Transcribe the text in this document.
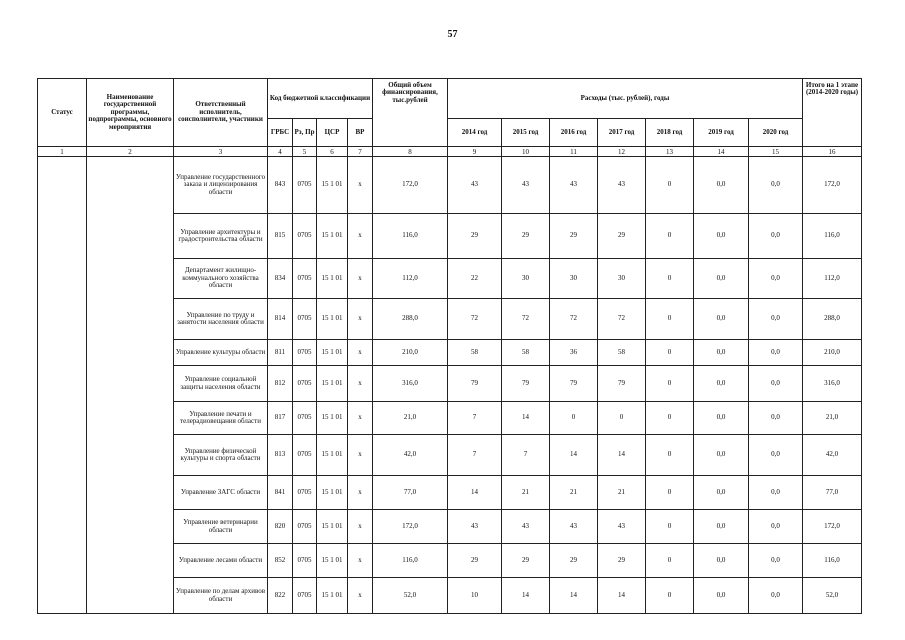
57
Статус	Наименование государственной программы, подпрограммы, основного мероприятия	Ответственный исполнитель, соисполнители, участники	Код бюджетной классификации				Общий объем финансирования, тыс.рублей	Расходы (тыс. рублей), годы							Итого на 1 этапе (2014-2020 годы)
			ГРБС	Рз, Пр	ЦСР	ВР		2014 год	2015 год	2016 год	2017 год	2018 год	2019 год	2020 год	
1	2	3	4	5	6	7	8	9	10	11	12	13	14	15	16
		Управление государственного заказа и лицензирования области	843	0705	15 1 01	х	172,0	43	43	43	43	0	0,0	0,0	172,0
		Управление архитектуры и градостроительства области	815	0705	15 1 01	х	116,0	29	29	29	29	0	0,0	0,0	116,0
		Департамент жилищно-коммунального хозяйства области	834	0705	15 1 01	х	112,0	22	30	30	30	0	0,0	0,0	112,0
		Управление по труду и занятости населения области	814	0705	15 1 01	х	288,0	72	72	72	72	0	0,0	0,0	288,0
		Управление культуры области	811	0705	15 1 01	х	210,0	58	58	36	58	0	0,0	0,0	210,0
		Управление социальной защиты населения области	812	0705	15 1 01	х	316,0	79	79	79	79	0	0,0	0,0	316,0
		Управление печати и телерадиовещания области	817	0705	15 1 01	х	21,0	7	14	0	0	0	0,0	0,0	21,0
		Управление физической культуры и спорта области	813	0705	15 1 01	х	42,0	7	7	14	14	0	0,0	0,0	42,0
		Управление ЗАГС области	841	0705	15 1 01	х	77,0	14	21	21	21	0	0,0	0,0	77,0
		Управление ветеринарии области	820	0705	15 1 01	х	172,0	43	43	43	43	0	0,0	0,0	172,0
		Управление лесами области	852	0705	15 1 01	х	116,0	29	29	29	29	0	0,0	0,0	116,0
		Управление по делам архивов области	822	0705	15 1 01	х	52,0	10	14	14	14	0	0,0	0,0	52,0
